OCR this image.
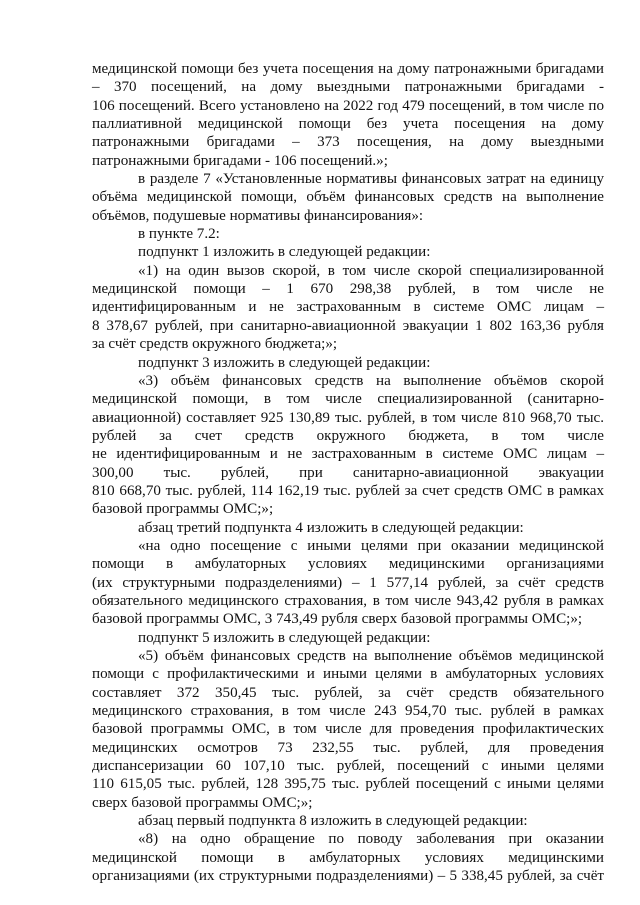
медицинской помощи без учета посещения на дому патронажными бригадами
– 370 посещений, на дому выездными патронажными бригадами -
106 посещений. Всего установлено на 2022 год 479 посещений, в том числе по
паллиативной медицинской помощи без учета посещения на дому
патронажными бригадами – 373 посещения, на дому выездными
патронажными бригадами - 106 посещений.»;
в разделе 7 «Установленные нормативы финансовых затрат на единицу
объёма медицинской помощи, объём финансовых средств на выполнение
объёмов, подушевые нормативы финансирования»:
в пункте 7.2:
подпункт 1 изложить в следующей редакции:
«1) на один вызов скорой, в том числе скорой специализированной
медицинской помощи – 1 670 298,38 рублей, в том числе не
идентифицированным и не застрахованным в системе ОМС лицам –
8 378,67 рублей, при санитарно-авиационной эвакуации 1 802 163,36 рубля
за счёт средств окружного бюджета;»;
подпункт 3 изложить в следующей редакции:
«3) объём финансовых средств на выполнение объёмов скорой
медицинской помощи, в том числе специализированной (санитарно-
авиационной) составляет 925 130,89 тыс. рублей, в том числе 810 968,70 тыс.
рублей за счет средств окружного бюджета, в том числе
не идентифицированным и не застрахованным в системе ОМС лицам –
300,00 тыс. рублей, при санитарно-авиационной эвакуации
810 668,70 тыс. рублей, 114 162,19 тыс. рублей за счет средств ОМС в рамках
базовой программы ОМС;»;
абзац третий подпункта 4 изложить в следующей редакции:
«на одно посещение с иными целями при оказании медицинской
помощи в амбулаторных условиях медицинскими организациями
(их структурными подразделениями) – 1 577,14 рублей, за счёт средств
обязательного медицинского страхования, в том числе 943,42 рубля в рамках
базовой программы ОМС, 3 743,49 рубля сверх базовой программы ОМС;»;
подпункт 5 изложить в следующей редакции:
«5) объём финансовых средств на выполнение объёмов медицинской
помощи с профилактическими и иными целями в амбулаторных условиях
составляет 372 350,45 тыс. рублей, за счёт средств обязательного
медицинского страхования, в том числе 243 954,70 тыс. рублей в рамках
базовой программы ОМС, в том числе для проведения профилактических
медицинских осмотров 73 232,55 тыс. рублей, для проведения
диспансеризации 60 107,10 тыс. рублей, посещений с иными целями
110 615,05 тыс. рублей, 128 395,75 тыс. рублей посещений с иными целями
сверх базовой программы ОМС;»;
абзац первый подпункта 8 изложить в следующей редакции:
«8) на одно обращение по поводу заболевания при оказании
медицинской помощи в амбулаторных условиях медицинскими
организациями (их структурными подразделениями) – 5 338,45 рублей, за счёт
